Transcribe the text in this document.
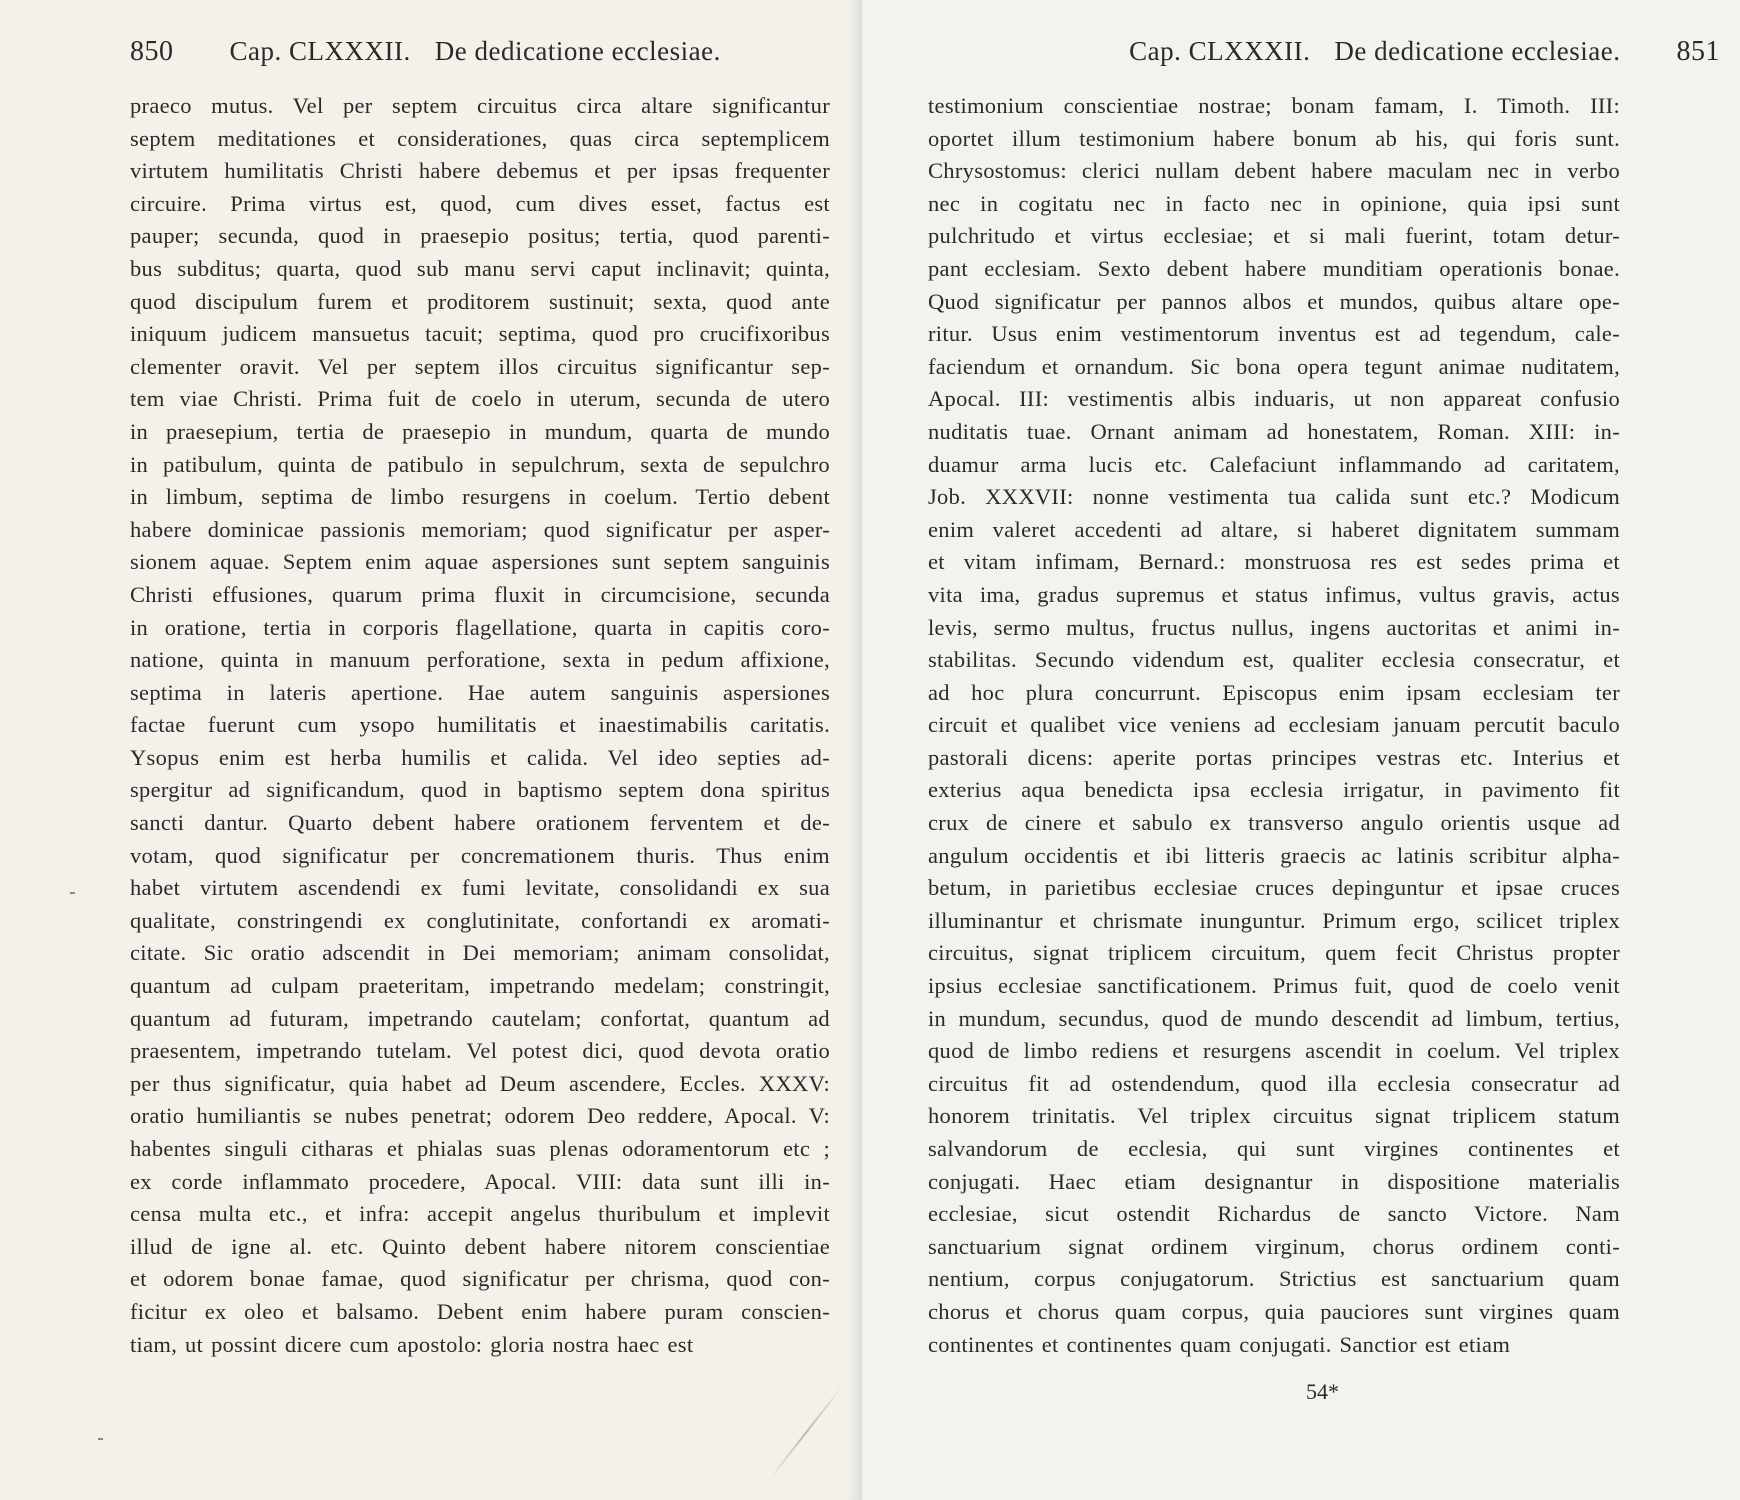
850 Cap. CLXXXII. De dedicatione ecclesiae.
praeco mutus. Vel per septem circuitus circa altare significantur
septem meditationes et considerationes, quas circa septemplicem
virtutem humilitatis Christi habere debemus et per ipsas frequenter
circuire. Prima virtus est, quod, cum dives esset, factus est
pauper; secunda, quod in praesepio positus; tertia, quod parenti-
bus subditus; quarta, quod sub manu servi caput inclinavit; quinta,
quod discipulum furem et proditorem sustinuit; sexta, quod ante
iniquum judicem mansuetus tacuit; septima, quod pro crucifixoribus
clementer oravit. Vel per septem illos circuitus significantur sep-
tem viae Christi. Prima fuit de coelo in uterum, secunda de utero
in praesepium, tertia de praesepio in mundum, quarta de mundo
in patibulum, quinta de patibulo in sepulchrum, sexta de sepulchro
in limbum, septima de limbo resurgens in coelum. Tertio debent
habere dominicae passionis memoriam; quod significatur per asper-
sionem aquae. Septem enim aquae aspersiones sunt septem sanguinis
Christi effusiones, quarum prima fluxit in circumcisione, secunda
in oratione, tertia in corporis flagellatione, quarta in capitis coro-
natione, quinta in manuum perforatione, sexta in pedum affixione,
septima in lateris apertione. Hae autem sanguinis aspersiones
factae fuerunt cum ysopo humilitatis et inaestimabilis caritatis.
Ysopus enim est herba humilis et calida. Vel ideo septies ad-
spergitur ad significandum, quod in baptismo septem dona spiritus
sancti dantur. Quarto debent habere orationem ferventem et de-
votam, quod significatur per concremationem thuris. Thus enim
habet virtutem ascendendi ex fumi levitate, consolidandi ex sua
qualitate, constringendi ex conglutinitate, confortandi ex aromati-
citate. Sic oratio adscendit in Dei memoriam; animam consolidat,
quantum ad culpam praeteritam, impetrando medelam; constringit,
quantum ad futuram, impetrando cautelam; confortat, quantum ad
praesentem, impetrando tutelam. Vel potest dici, quod devota oratio
per thus significatur, quia habet ad Deum ascendere, Eccles. XXXV:
oratio humiliantis se nubes penetrat; odorem Deo reddere, Apocal. V:
habentes singuli citharas et phialas suas plenas odoramentorum etc ;
ex corde inflammato procedere, Apocal. VIII: data sunt illi in-
censa multa etc., et infra: accepit angelus thuribulum et implevit
illud de igne al. etc. Quinto debent habere nitorem conscientiae
et odorem bonae famae, quod significatur per chrisma, quod con-
ficitur ex oleo et balsamo. Debent enim habere puram conscien-
tiam, ut possint dicere cum apostolo: gloria nostra haec est
Cap. CLXXXII. De dedicatione ecclesiae. 851
testimonium conscientiae nostrae; bonam famam, I. Timoth. III:
oportet illum testimonium habere bonum ab his, qui foris sunt.
Chrysostomus: clerici nullam debent habere maculam nec in verbo
nec in cogitatu nec in facto nec in opinione, quia ipsi sunt
pulchritudo et virtus ecclesiae; et si mali fuerint, totam detur-
pant ecclesiam. Sexto debent habere munditiam operationis bonae.
Quod significatur per pannos albos et mundos, quibus altare ope-
ritur. Usus enim vestimentorum inventus est ad tegendum, cale-
faciendum et ornandum. Sic bona opera tegunt animae nuditatem,
Apocal. III: vestimentis albis induaris, ut non appareat confusio
nuditatis tuae. Ornant animam ad honestatem, Roman. XIII: in-
duamur arma lucis etc. Calefaciunt inflammando ad caritatem,
Job. XXXVII: nonne vestimenta tua calida sunt etc.? Modicum
enim valeret accedenti ad altare, si haberet dignitatem summam
et vitam infimam, Bernard.: monstruosa res est sedes prima et
vita ima, gradus supremus et status infimus, vultus gravis, actus
levis, sermo multus, fructus nullus, ingens auctoritas et animi in-
stabilitas. Secundo videndum est, qualiter ecclesia consecratur, et
ad hoc plura concurrunt. Episcopus enim ipsam ecclesiam ter
circuit et qualibet vice veniens ad ecclesiam januam percutit baculo
pastorali dicens: aperite portas principes vestras etc. Interius et
exterius aqua benedicta ipsa ecclesia irrigatur, in pavimento fit
crux de cinere et sabulo ex transverso angulo orientis usque ad
angulum occidentis et ibi litteris graecis ac latinis scribitur alpha-
betum, in parietibus ecclesiae cruces depinguntur et ipsae cruces
illuminantur et chrismate inunguntur. Primum ergo, scilicet triplex
circuitus, signat triplicem circuitum, quem fecit Christus propter
ipsius ecclesiae sanctificationem. Primus fuit, quod de coelo venit
in mundum, secundus, quod de mundo descendit ad limbum, tertius,
quod de limbo rediens et resurgens ascendit in coelum. Vel triplex
circuitus fit ad ostendendum, quod illa ecclesia consecratur ad
honorem trinitatis. Vel triplex circuitus signat triplicem statum
salvandorum de ecclesia, qui sunt virgines continentes et
conjugati. Haec etiam designantur in dispositione materialis
ecclesiae, sicut ostendit Richardus de sancto Victore. Nam
sanctuarium signat ordinem virginum, chorus ordinem conti-
nentium, corpus conjugatorum. Strictius est sanctuarium quam
chorus et chorus quam corpus, quia pauciores sunt virgines quam
continentes et continentes quam conjugati. Sanctior est etiam
54*
